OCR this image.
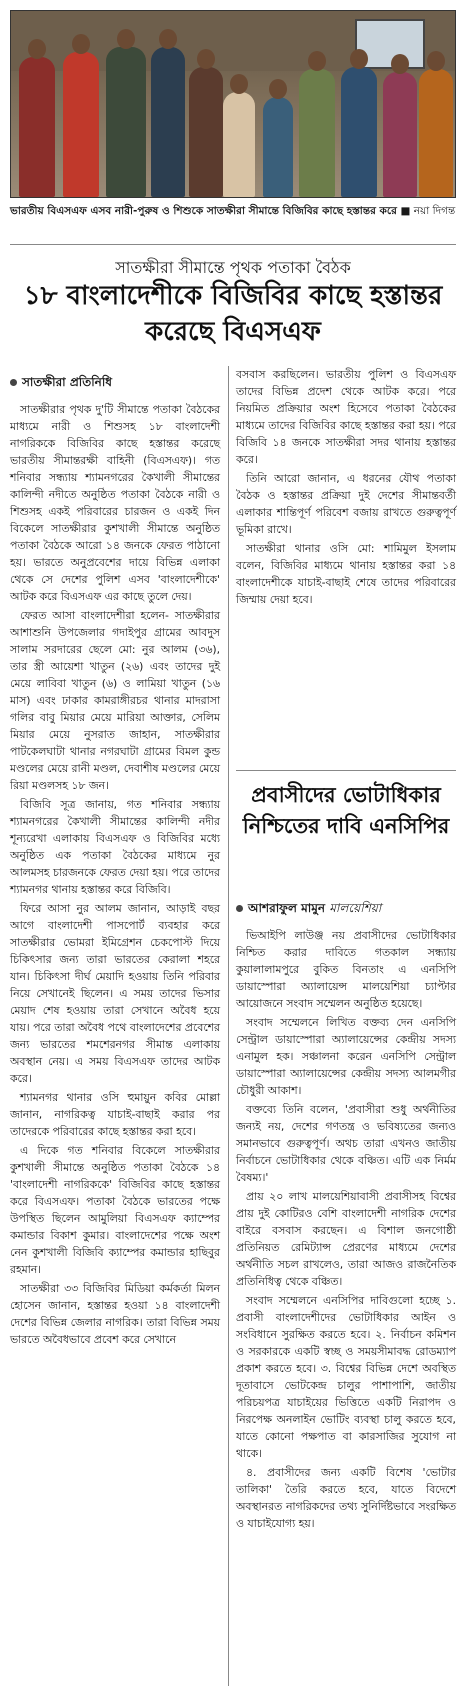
ভারতীয় বিএসএফ এসব নারী-পুরুষ ও শিশুকে সাতক্ষীরা সীমান্তে বিজিবির কাছে হস্তান্তর করে ■ নয়া দিগন্ত
সাতক্ষীরা সীমান্তে পৃথক পতাকা বৈঠক
১৮ বাংলাদেশীকে বিজিবির কাছে হস্তান্তর করেছে বিএসএফ
সাতক্ষীরা প্রতিনিধি

সাতক্ষীরার পৃথক দু'টি সীমান্তে পতাকা বৈঠকের মাধ্যমে নারী ও শিশুসহ ১৮ বাংলাদেশী নাগরিককে বিজিবির কাছে হস্তান্তর করেছে ভারতীয় সীমান্তরক্ষী বাহিনী (বিএসএফ)। গত শনিবার সন্ধ্যায় শ্যামনগরের কৈখালী সীমান্তের কালিন্দী নদীতে অনুষ্ঠিত পতাকা বৈঠকে নারী ও শিশুসহ একই পরিবারের চারজন ও একই দিন বিকেলে সাতক্ষীরার কুশখালী সীমান্তে অনুষ্ঠিত পতাকা বৈঠকে আরো ১৪ জনকে ফেরত পাঠানো হয়। ভারতে অনুপ্রবেশের দায়ে বিভিন্ন এলাকা থেকে সে দেশের পুলিশ এসব 'বাংলাদেশীকে' আটক করে বিএসএফ এর কাছে তুলে দেয়।

ফেরত আসা বাংলাদেশীরা হলেন- সাতক্ষীরার আশাশুনি উপজেলার গদাইপুর গ্রামের আবদুস সালাম সরদারের ছেলে মো: নুর আলম (৩৬), তার স্ত্রী আয়েশা খাতুন (২৬) এবং তাদের দুই মেয়ে লাবিবা খাতুন (৬) ও লামিয়া খাতুন (১৬ মাস) এবং ঢাকার কামরাঙ্গীরচর থানার মাদরাসা গলির বাবু মিয়ার মেয়ে মারিয়া আক্তার, সেলিম মিয়ার মেয়ে নুসরাত জাহান, সাতক্ষীরার পাটকেলঘাটা থানার নগরঘাটা গ্রামের বিমল কুন্ড মণ্ডলের মেয়ে রানী মণ্ডল, দেবাশীষ মণ্ডলের মেয়ে রিয়া মণ্ডলসহ ১৮ জন।

বিজিবি সূত্র জানায়, গত শনিবার সন্ধ্যায় শ্যামনগরের কৈখালী সীমান্তের কালিন্দী নদীর শূন্যরেখা এলাকায় বিএসএফ ও বিজিবির মধ্যে অনুষ্ঠিত এক পতাকা বৈঠকের মাধ্যমে নুর আলমসহ চারজনকে ফেরত দেয়া হয়। পরে তাদের শ্যামনগর থানায় হস্তান্তর করে বিজিবি।

ফিরে আসা নুর আলম জানান, আড়াই বছর আগে বাংলাদেশী পাসপোর্ট ব্যবহার করে সাতক্ষীরার ভোমরা ইমিগ্রেশন চেকপোস্ট দিয়ে চিকিৎসার জন্য তারা ভারতের কেরালা শহরে যান। চিকিৎসা দীর্ঘ মেয়াদি হওয়ায় তিনি পরিবার নিয়ে সেখানেই ছিলেন। এ সময় তাদের ভিসার মেয়াদ শেষ হওয়ায় তারা সেখানে অবৈধ হয়ে যায়। পরে তারা অবৈধ পথে বাংলাদেশের প্রবেশের জন্য ভারতের শমশেরনগর সীমান্ত এলাকায় অবস্থান নেয়। এ সময় বিএসএফ তাদের আটক করে।

শ্যামনগর থানার ওসি হুমায়ুন কবির মোল্লা জানান, নাগরিকত্ব যাচাই-বাছাই করার পর তাদেরকে পরিবারের কাছে হস্তান্তর করা হবে।

এ দিকে গত শনিবার বিকেলে সাতক্ষীরার কুশখালী সীমান্তে অনুষ্ঠিত পতাকা বৈঠকে ১৪ 'বাংলাদেশী নাগরিককে' বিজিবির কাছে হস্তান্তর করে বিএসএফ। পতাকা বৈঠকে ভারতের পক্ষে উপস্থিত ছিলেন আমুলিয়া বিএসএফ ক্যাম্পের কমান্ডার বিকাশ কুমার। বাংলাদেশের পক্ষে অংশ নেন কুশখালী বিজিবি ক্যাম্পের কমান্ডার হাছিবুর রহমান।

সাতক্ষীরা ৩৩ বিজিবির মিডিয়া কর্মকর্তা মিলন হোসেন জানান, হস্তান্তর হওয়া ১৪ বাংলাদেশী দেশের বিভিন্ন জেলার নাগরিক। তারা বিভিন্ন সময় ভারতে অবৈধভাবে প্রবেশ করে সেখানে

বসবাস করছিলেন। ভারতীয় পুলিশ ও বিএসএফ তাদের বিভিন্ন প্রদেশ থেকে আটক করে। পরে নিয়মিত প্রক্রিয়ার অংশ হিসেবে পতাকা বৈঠকের মাধ্যমে তাদের বিজিবির কাছে হস্তান্তর করা হয়। পরে বিজিবি ১৪ জনকে সাতক্ষীরা সদর থানায় হস্তান্তর করে।

তিনি আরো জানান, এ ধরনের যৌথ পতাকা বৈঠক ও হস্তান্তর প্রক্রিয়া দুই দেশের সীমান্তবর্তী এলাকার শান্তিপূর্ণ পরিবেশ বজায় রাখতে গুরুত্বপূর্ণ ভূমিকা রাখে।

সাতক্ষীরা থানার ওসি মো: শামিমুল ইসলাম বলেন, বিজিবির মাধ্যমে থানায় হস্তান্তর করা ১৪ বাংলাদেশীকে যাচাই-বাছাই শেষে তাদের পরিবারের জিম্মায় দেয়া হবে।

প্রবাসীদের ভোটাধিকার নিশ্চিতের দাবি এনসিপির
আশরাফুল মামুন মালয়েশিয়া

ভিআইপি লাউঞ্জ নয় প্রবাসীদের ভোটাধিকার নিশ্চিত করার দাবিতে গতকাল সন্ধ্যায় কুয়ালালামপুরে বুকিত বিনতাং এ এনসিপি ডায়াস্পোরা অ্যালায়েন্স মালয়েশিয়া চ্যাপ্টার আয়োজনে সংবাদ সম্মেলন অনুষ্ঠিত হয়েছে।

সংবাদ সম্মেলনে লিখিত বক্তব্য দেন এনসিপি সেন্ট্রাল ডায়াস্পোরা অ্যালায়েন্সের কেন্দ্রীয় সদস্য এনামুল হক। সঞ্চালনা করেন এনসিপি সেন্ট্রাল ডায়াস্পোরা অ্যালায়েন্সের কেন্দ্রীয় সদস্য আলমগীর চৌধুরী আকাশ।

বক্তব্যে তিনি বলেন, 'প্রবাসীরা শুধু অর্থনীতির জন্যই নয়, দেশের গণতন্ত্র ও ভবিষ্যতের জন্যও সমানভাবে গুরুত্বপূর্ণ। অথচ তারা এখনও জাতীয় নির্বাচনে ভোটাধিকার থেকে বঞ্চিত। এটি এক নির্মম বৈষম্য।'

প্রায় ২০ লাখ মালয়েশিয়াবাসী প্রবাসীসহ বিশ্বের প্রায় দুই কোটিরও বেশি বাংলাদেশী নাগরিক দেশের বাইরে বসবাস করছেন। এ বিশাল জনগোষ্ঠী প্রতিনিয়ত রেমিট্যান্স প্রেরণের মাধ্যমে দেশের অর্থনীতি সচল রাখলেও, তারা আজও রাজনৈতিক প্রতিনিধিত্ব থেকে বঞ্চিত।

সংবাদ সম্মেলনে এনসিপির দাবিগুলো হচ্ছে ১. প্রবাসী বাংলাদেশীদের ভোটাধিকার আইন ও সংবিধানে সুরক্ষিত করতে হবে। ২. নির্বাচন কমিশন ও সরকারকে একটি স্বচ্ছ ও সময়সীমাবদ্ধ রোডম্যাপ প্রকাশ করতে হবে। ৩. বিশ্বের বিভিন্ন দেশে অবস্থিত দূতাবাসে ভোটকেন্দ্র চালুর পাশাপাশি, জাতীয় পরিচয়পত্র যাচাইয়ের ভিত্তিতে একটি নিরাপদ ও নিরপেক্ষ অনলাইন ভোটিং ব্যবস্থা চালু করতে হবে, যাতে কোনো পক্ষপাত বা কারসাজির সুযোগ না থাকে।

৪. প্রবাসীদের জন্য একটি বিশেষ 'ভোটার তালিকা' তৈরি করতে হবে, যাতে বিদেশে অবস্থানরত নাগরিকদের তথ্য সুনির্দিষ্টভাবে সংরক্ষিত ও যাচাইযোগ্য হয়।
